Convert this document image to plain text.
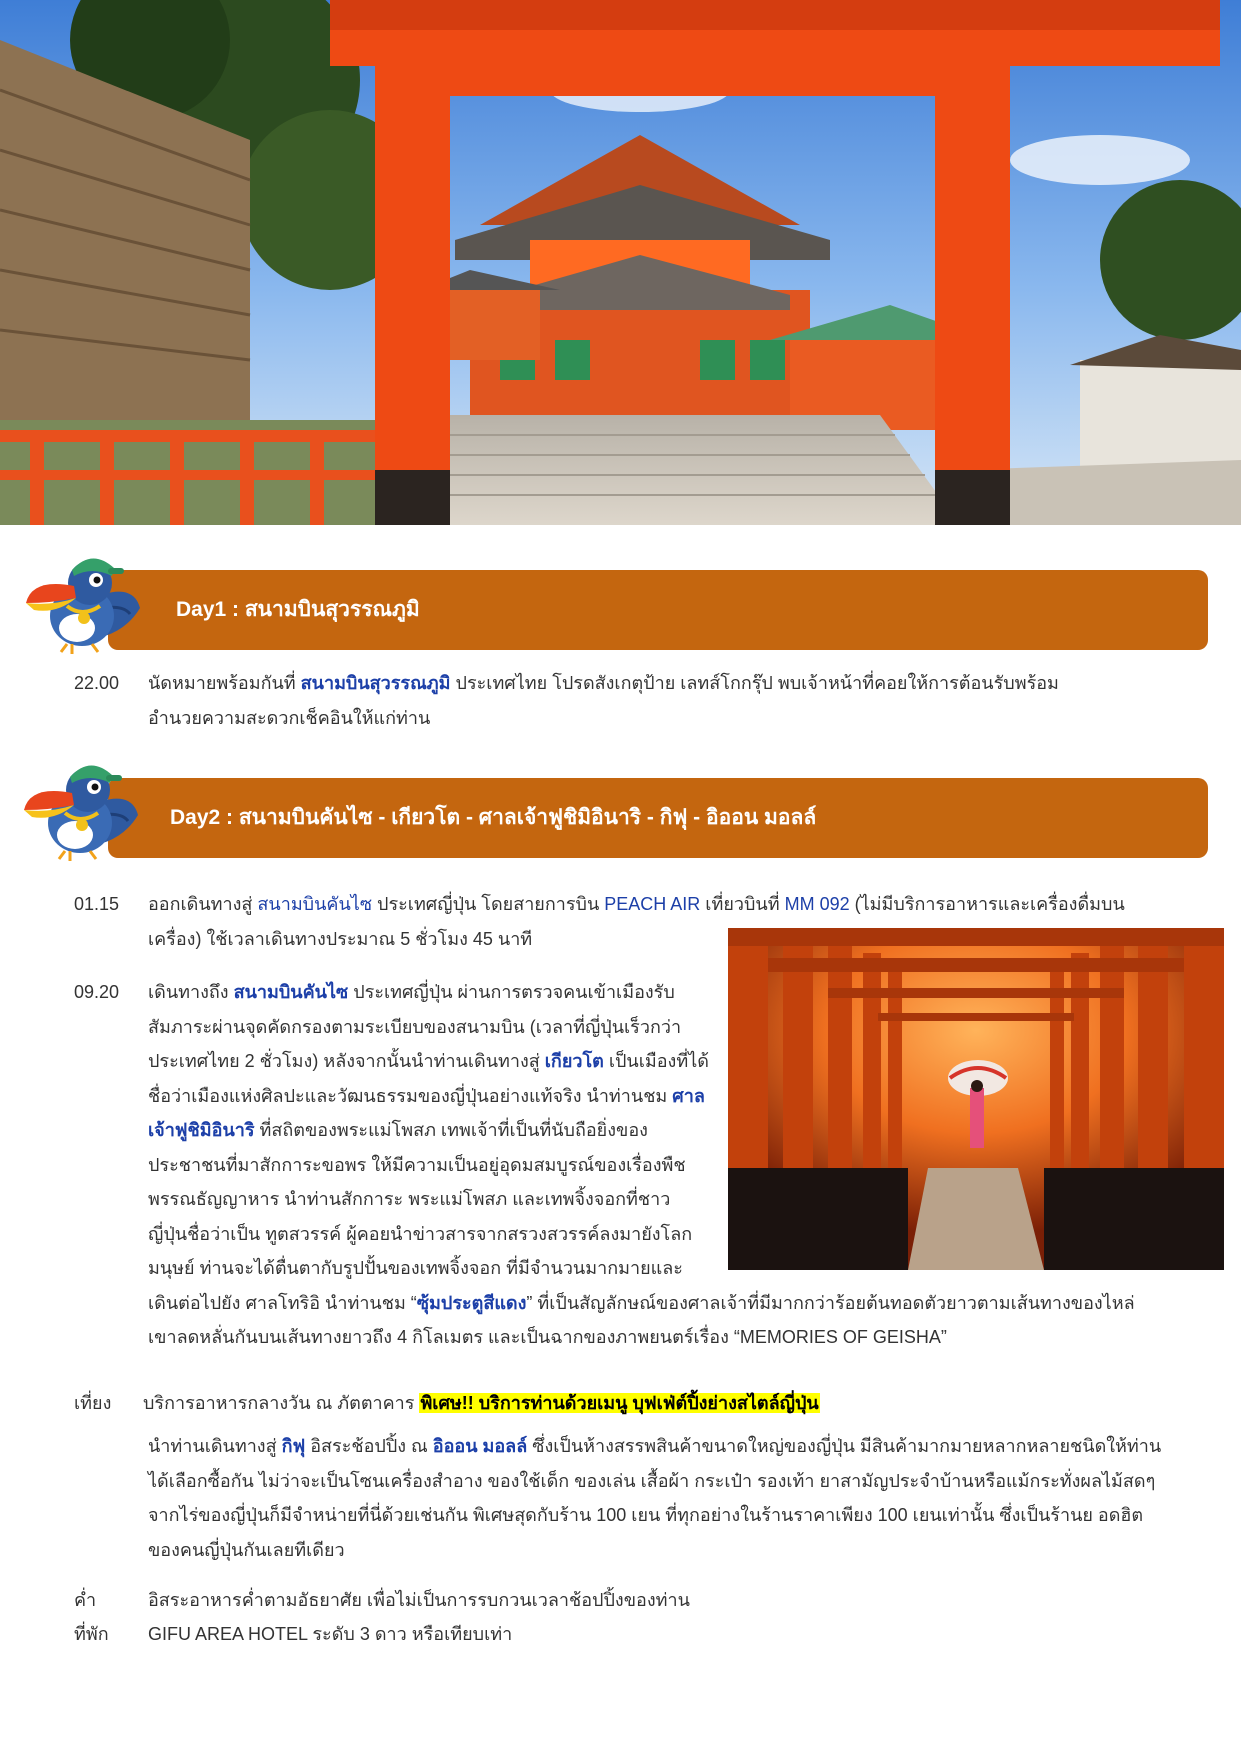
Day1 : สนามบินสุวรรณภูมิ
22.00 นัดหมายพร้อมกันที่ สนามบินสุวรรณภูมิ ประเทศไทย โปรดสังเกตุป้าย เลทส์โกกรุ๊ป พบเจ้าหน้าที่คอยให้การต้อนรับพร้อม

อำนวยความสะดวกเช็คอินให้แก่ท่าน

Day2 : สนามบินคันไซ - เกียวโต - ศาลเจ้าฟูชิมิอินาริ - กิฟุ - อิออน มอลล์
01.15 ออกเดินทางสู่ สนามบินคันไซ ประเทศญี่ปุ่น โดยสายการบิน PEACH AIR เที่ยวบินที่ MM 092 (ไม่มีบริการอาหารและเครื่องดื่มบน

เครื่อง) ใช้เวลาเดินทางประมาณ 5 ชั่วโมง 45 นาที

09.20 เดินทางถึง สนามบินคันไซ ประเทศญี่ปุ่น ผ่านการตรวจคนเข้าเมืองรับ

สัมภาระผ่านจุดคัดกรองตามระเบียบของสนามบิน (เวลาที่ญี่ปุ่นเร็วกว่า

ประเทศไทย 2 ชั่วโมง) หลังจากนั้นนำท่านเดินทางสู่ เกียวโต เป็นเมืองที่ได้

ชื่อว่าเมืองแห่งศิลปะและวัฒนธรรมของญี่ปุ่นอย่างแท้จริง นำท่านชม ศาล

เจ้าฟูชิมิอินาริ ที่สถิตของพระแม่โพสภ เทพเจ้าที่เป็นที่นับถือยิ่งของ

ประชาชนที่มาสักการะขอพร ให้มีความเป็นอยู่อุดมสมบูรณ์ของเรื่องพืช

พรรณธัญญาหาร นำท่านสักการะ พระแม่โพสภ และเทพจิ้งจอกที่ชาว

ญี่ปุ่นชื่อว่าเป็น ทูตสวรรค์ ผู้คอยนำข่าวสารจากสรวงสวรรค์ลงมายังโลก

มนุษย์ ท่านจะได้ตื่นตากับรูปปั้นของเทพจิ้งจอก ที่มีจำนวนมากมายและ

เดินต่อไปยัง ศาลโทริอิ นำท่านชม “ซุ้มประตูสีแดง” ที่เป็นสัญลักษณ์ของศาลเจ้าที่มีมากกว่าร้อยต้นทอดตัวยาวตามเส้นทางของไหล่

เขาลดหลั่นกันบนเส้นทางยาวถึง 4 กิโลเมตร และเป็นฉากของภาพยนตร์เรื่อง “MEMORIES OF GEISHA”

เที่ยง บริการอาหารกลางวัน ณ ภัตตาคาร พิเศษ!! บริการท่านด้วยเมนู บุฟเฟ่ต์ปิ้งย่างสไตล์ญี่ปุ่น

นำท่านเดินทางสู่ กิฟุ อิสระช้อปปิ้ง ณ อิออน มอลล์ ซึ่งเป็นห้างสรรพสินค้าขนาดใหญ่ของญี่ปุ่น มีสินค้ามากมายหลากหลายชนิดให้ท่าน

ได้เลือกซื้อกัน ไม่ว่าจะเป็นโซนเครื่องสำอาง ของใช้เด็ก ของเล่น เสื้อผ้า กระเป๋า รองเท้า ยาสามัญประจำบ้านหรือแม้กระทั่งผลไม้สดๆ

จากไร่ของญี่ปุ่นก็มีจำหน่ายที่นี่ด้วยเช่นกัน พิเศษสุดกับร้าน 100 เยน ที่ทุกอย่างในร้านราคาเพียง 100 เยนเท่านั้น ซึ่งเป็นร้านย อดฮิต

ของคนญี่ปุ่นกันเลยทีเดียว

ค่ำ	อิสระอาหารค่ำตามอัธยาศัย เพื่อไม่เป็นการรบกวนเวลาช้อปปิ้งของท่าน
ที่พัก GIFU AREA HOTEL ระดับ 3 ดาว หรือเทียบเท่า
